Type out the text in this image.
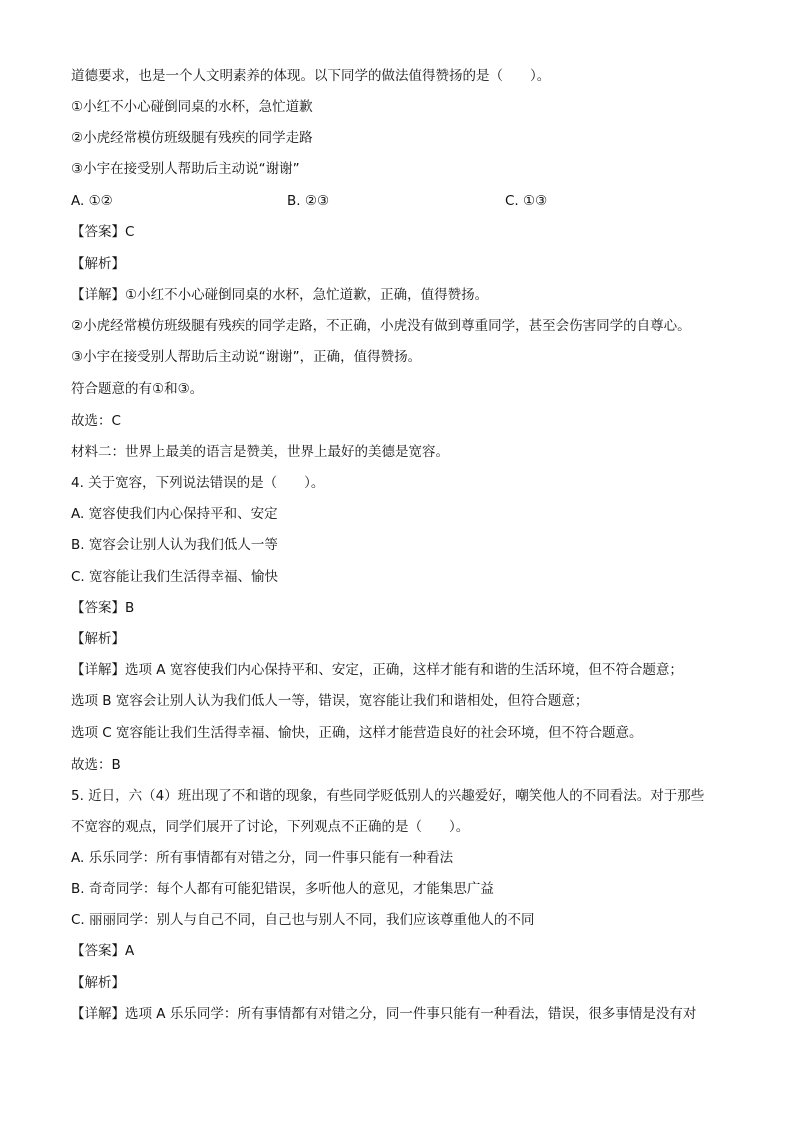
道德要求，也是一个人文明素养的体现。以下同学的做法值得赞扬的是（　　）。
①小红不小心碰倒同桌的水杯，急忙道歉
②小虎经常模仿班级腿有残疾的同学走路
③小宇在接受别人帮助后主动说“谢谢”
A. ①②	B. ②③	C. ①③
【答案】C
【解析】
【详解】①小红不小心碰倒同桌的水杯，急忙道歉，正确，值得赞扬。
②小虎经常模仿班级腿有残疾的同学走路，不正确，小虎没有做到尊重同学，甚至会伤害同学的自尊心。
③小宇在接受别人帮助后主动说“谢谢”，正确，值得赞扬。
符合题意的有①和③。
故选：C
材料二：世界上最美的语言是赞美，世界上最好的美德是宽容。
4. 关于宽容，下列说法错误的是（　　）。
A. 宽容使我们内心保持平和、安定
B. 宽容会让别人认为我们低人一等
C. 宽容能让我们生活得幸福、愉快
【答案】B
【解析】
【详解】选项 A 宽容使我们内心保持平和、安定，正确，这样才能有和谐的生活环境，但不符合题意；
选项 B 宽容会让别人认为我们低人一等，错误，宽容能让我们和谐相处，但符合题意；
选项 C 宽容能让我们生活得幸福、愉快，正确，这样才能营造良好的社会环境，但不符合题意。
故选：B
5. 近日，六（4）班出现了不和谐的现象，有些同学贬低别人的兴趣爱好，嘲笑他人的不同看法。对于那些
不宽容的观点，同学们展开了讨论，下列观点不正确的是（　　）。
A. 乐乐同学：所有事情都有对错之分，同一件事只能有一种看法
B. 奇奇同学：每个人都有可能犯错误，多听他人的意见，才能集思广益
C. 丽丽同学：别人与自己不同，自己也与别人不同，我们应该尊重他人的不同
【答案】A
【解析】
【详解】选项 A 乐乐同学：所有事情都有对错之分，同一件事只能有一种看法，错误，很多事情是没有对
